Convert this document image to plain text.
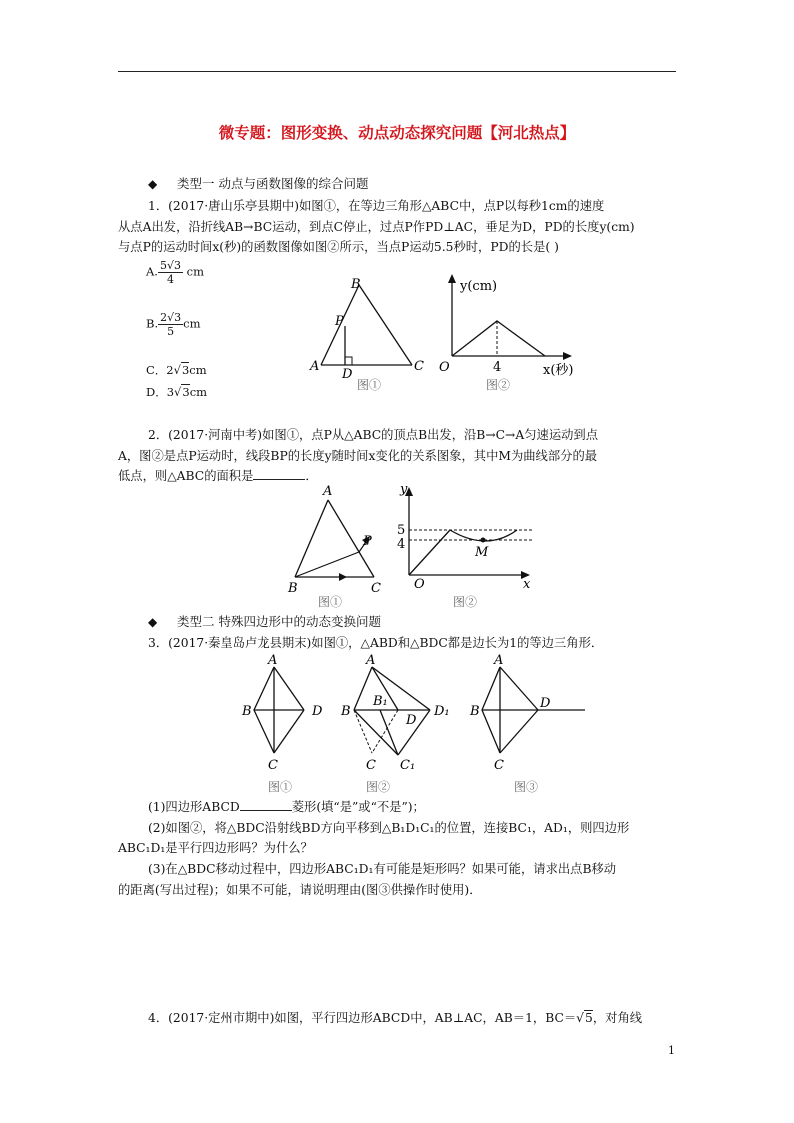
微专题：图形变换、动点动态探究问题【河北热点】
◆ 类型一 动点与函数图像的综合问题
1．(2017·唐山乐亭县期中)如图①，在等边三角形△ABC中，点P以每秒1cm的速度
从点A出发，沿折线AB→BC运动，到点C停止，过点P作PD⊥AC，垂足为D，PD的长度y(cm)
与点P的运动时间x(秒)的函数图像如图②所示，当点P运动5.5秒时，PD的长是( )
A. $\frac{5√3}{4}$ cm
B. $\frac{2√3}{5}$ cm
C．2√3cm
D．3√3cm
B
P
A
D
C
图①
y(cm)
O	4	x(秒)
图②
2．(2017·河南中考)如图①，点P从△ABC的顶点B出发，沿B→C→A匀速运动到点
A，图②是点P运动时，线段BP的长度y随时间x变化的关系图象，其中M为曲线部分的最
低点，则△ABC的面积是	．
A
P
B	C
图①
y
5
4
M
O	x
图②
◆ 类型二 特殊四边形中的动态变换问题
3．(2017·秦皇岛卢龙县期末)如图①，△ABD和△BDC都是边长为1的等边三角形．
A
B	D
C
图①
A
B
B₁
D
D₁
C C₁
图②
A
B
D
C
图③
(1)四边形ABCD	菱形(填“是”或“不是”)；
(2)如图②，将△BDC沿射线BD方向平移到△B₁D₁C₁的位置，连接BC₁，AD₁，则四边形
ABC₁D₁是平行四边形吗？为什么？
(3)在△BDC移动过程中，四边形ABC₁D₁有可能是矩形吗？如果可能，请求出点B移动
的距离(写出过程)；如果不可能，请说明理由(图③供操作时使用)．
4．(2017·定州市期中)如图，平行四边形ABCD中，AB⊥AC，AB＝1，BC＝√5，对角线
1
